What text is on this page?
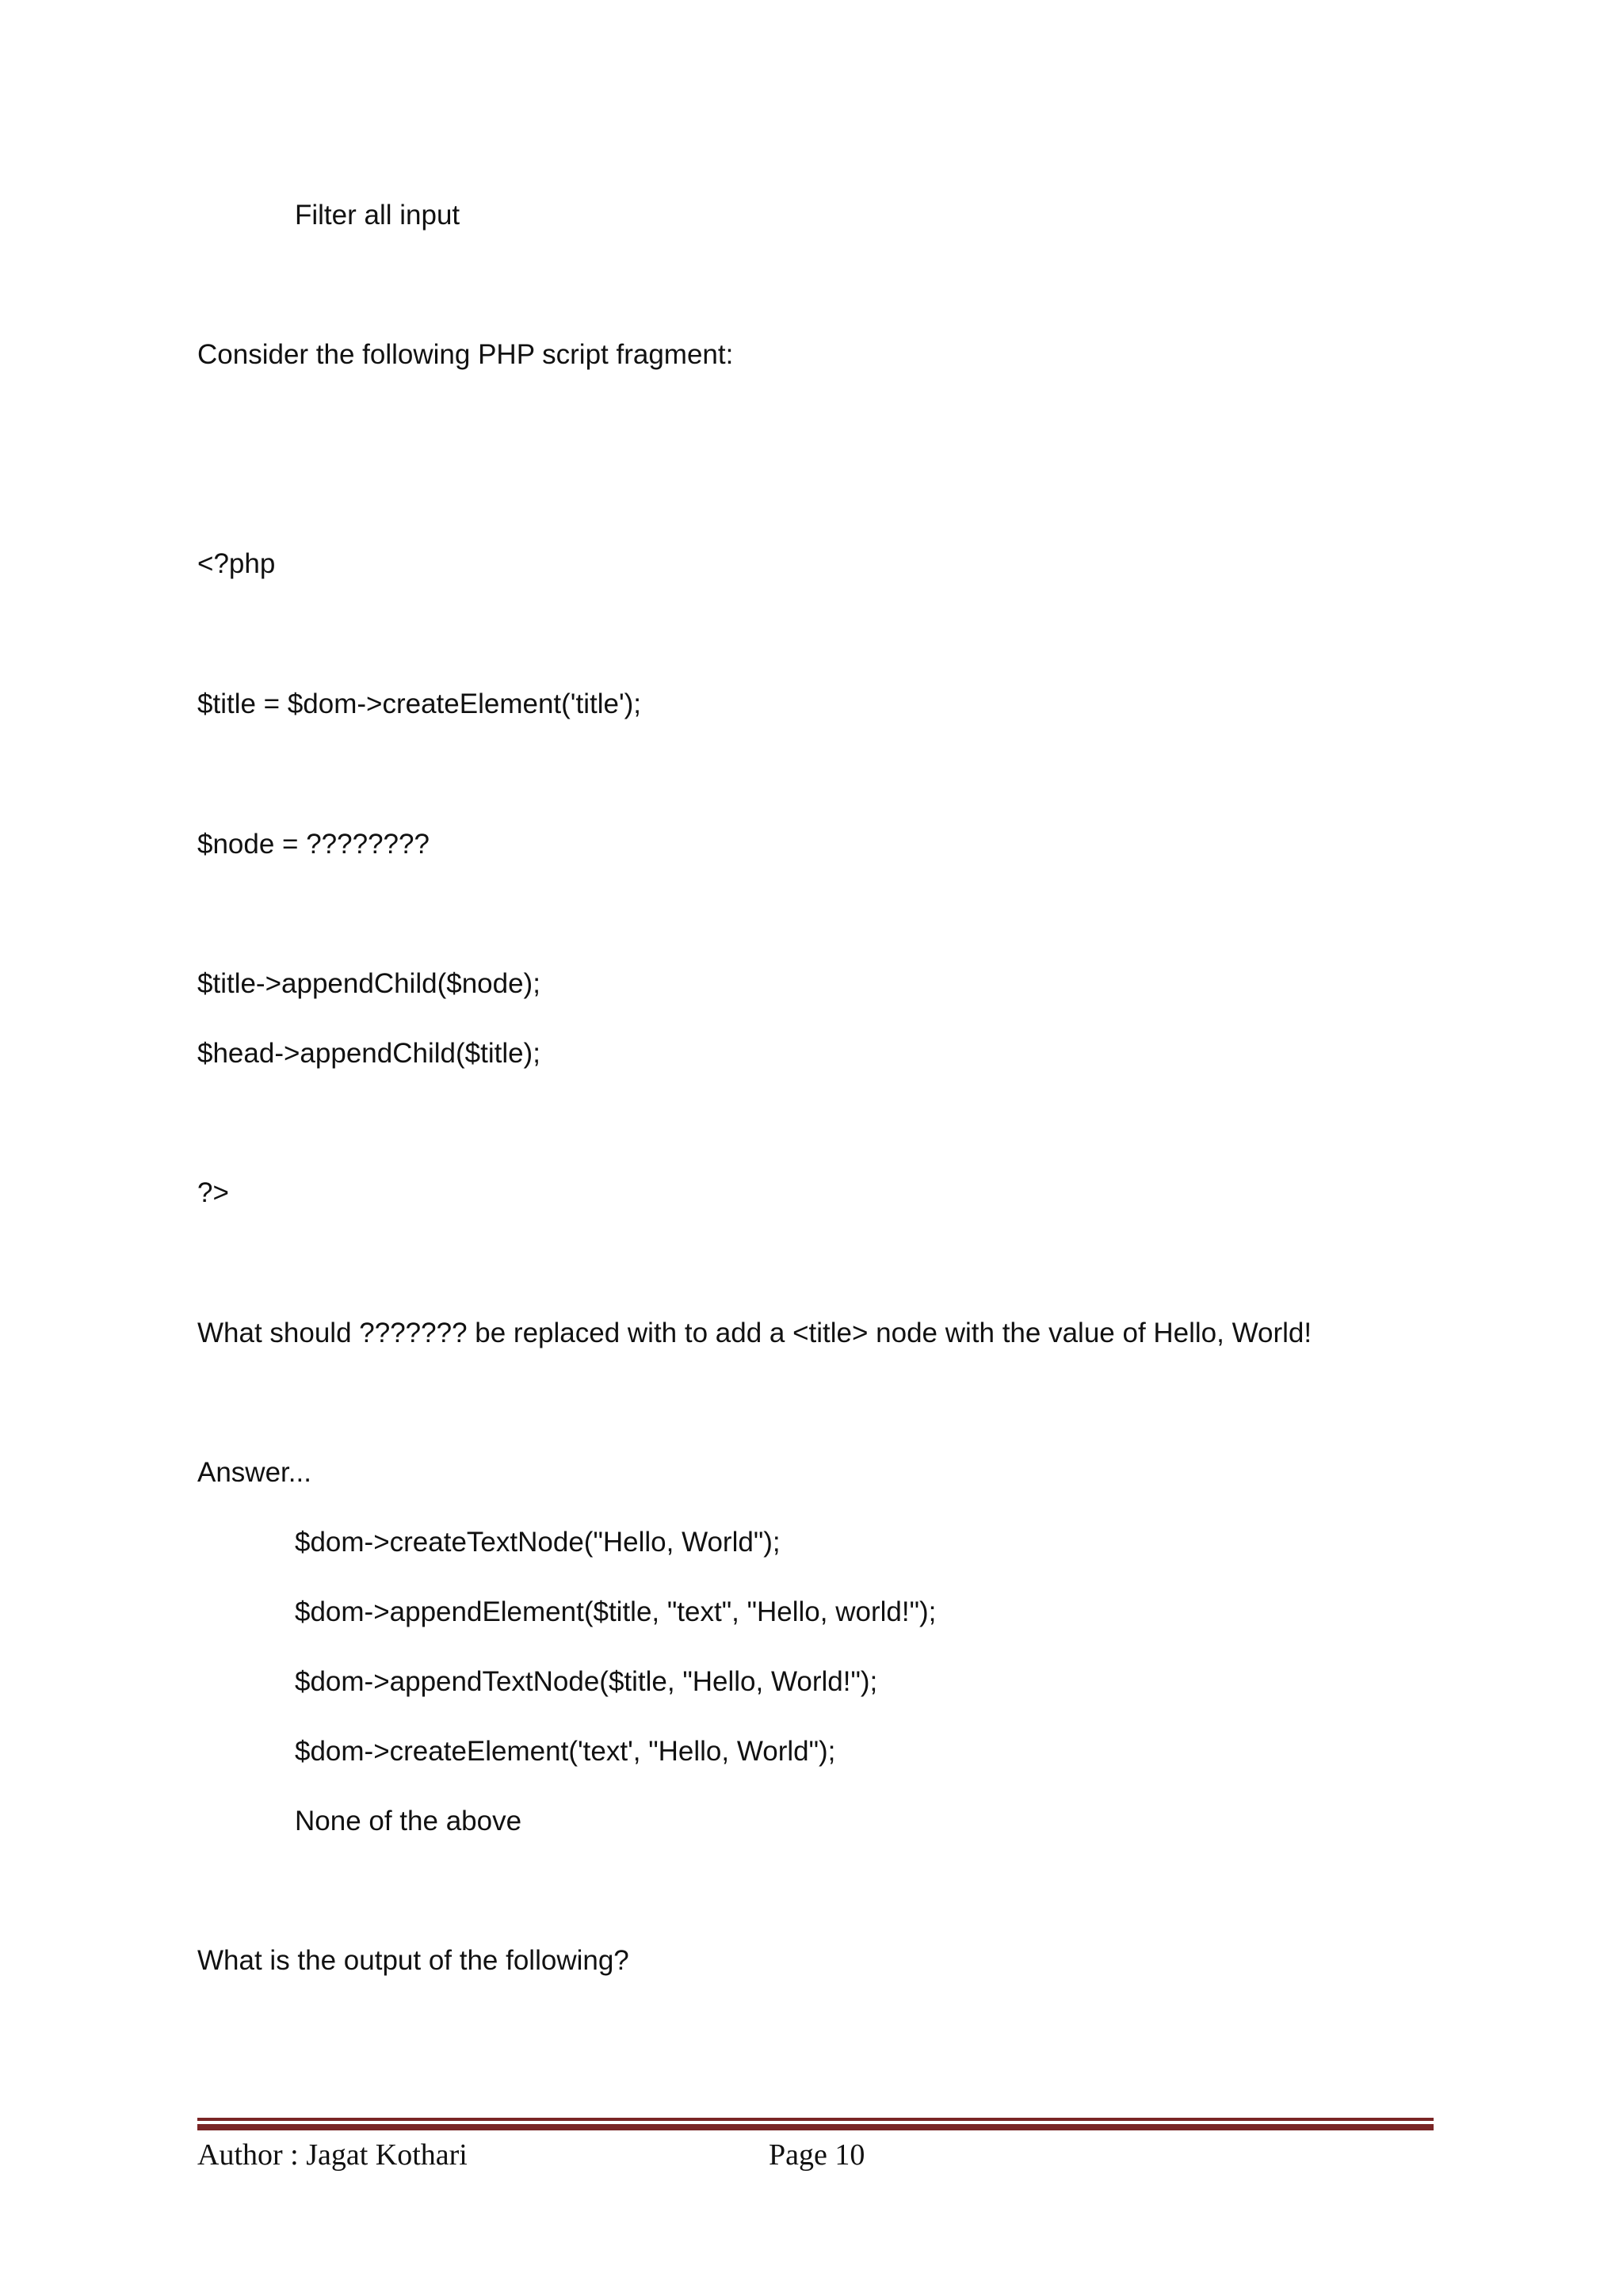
Filter all input
Consider the following PHP script fragment:
<?php
$title = $dom->createElement('title');
$node = ????????
$title->appendChild($node);
$head->appendChild($title);
?>
What should ??????? be replaced with to add a <title> node with the value of Hello, World!
Answer...
$dom->createTextNode("Hello, World");
$dom->appendElement($title, "text", "Hello, world!");
$dom->appendTextNode($title, "Hello, World!");
$dom->createElement('text', "Hello, World");
None of the above
What is the output of the following?
Author : Jagat Kothari	Page 10
